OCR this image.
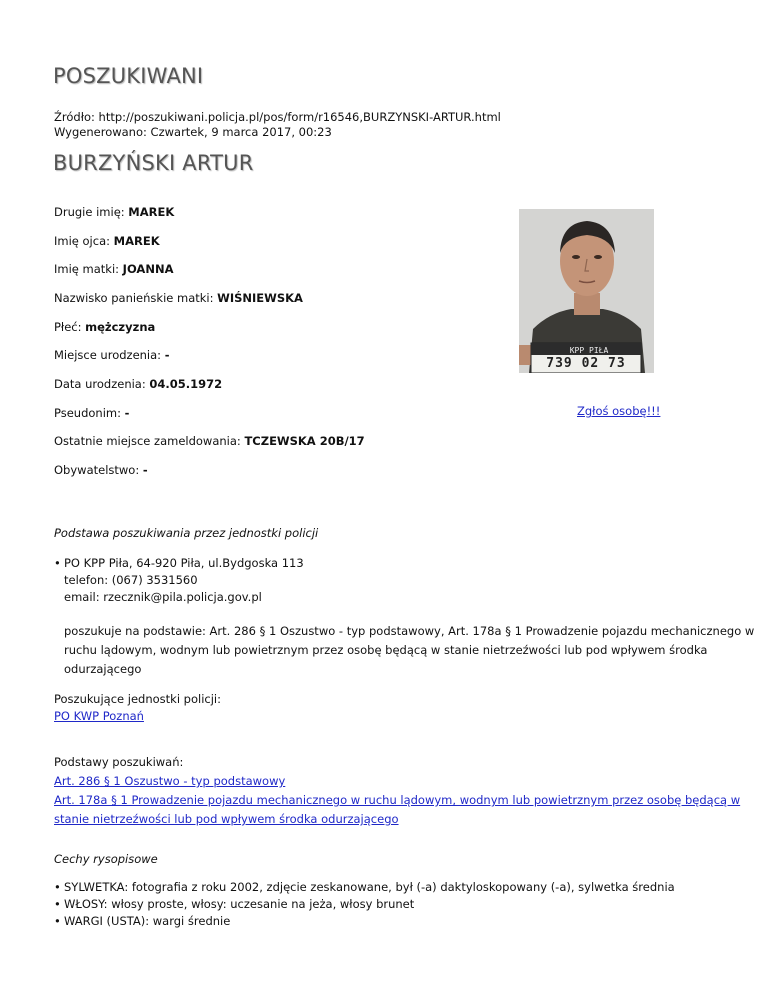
POSZUKIWANI
Źródło: http://poszukiwani.policja.pl/pos/form/r16546,BURZYNSKI-ARTUR.html
Wygenerowano: Czwartek, 9 marca 2017, 00:23
BURZYŃSKI ARTUR
Drugie imię: MAREK
Imię ojca: MAREK
Imię matki: JOANNA
Nazwisko panieńskie matki: WIŚNIEWSKA
Płeć: mężczyzna
Miejsce urodzenia: -
Data urodzenia: 04.05.1972
Pseudonim: -
Ostatnie miejsce zameldowania: TCZEWSKA 20B/17
Obywatelstwo: -
KPP PIŁA
739 02 73
Zgłoś osobę!!!
Podstawa poszukiwania przez jednostki policji
• PO KPP Piła, 64-920 Piła, ul.Bydgoska 113
telefon: (067) 3531560
email: rzecznik@pila.policja.gov.pl
poszukuje na podstawie: Art. 286 § 1 Oszustwo - typ podstawowy, Art. 178a § 1 Prowadzenie pojazdu mechanicznego w
ruchu lądowym, wodnym lub powietrznym przez osobę będącą w stanie nietrzeźwości lub pod wpływem środka
odurzającego
Poszukujące jednostki policji:
PO KWP Poznań
Podstawy poszukiwań:
Art. 286 § 1 Oszustwo - typ podstawowy
Art. 178a § 1 Prowadzenie pojazdu mechanicznego w ruchu lądowym, wodnym lub powietrznym przez osobę będącą w
stanie nietrzeźwości lub pod wpływem środka odurzającego
Cechy rysopisowe
• SYLWETKA: fotografia z roku 2002, zdjęcie zeskanowane, był (-a) daktyloskopowany (-a), sylwetka średnia
• WŁOSY: włosy proste, włosy: uczesanie na jeża, włosy brunet
• WARGI (USTA): wargi średnie
